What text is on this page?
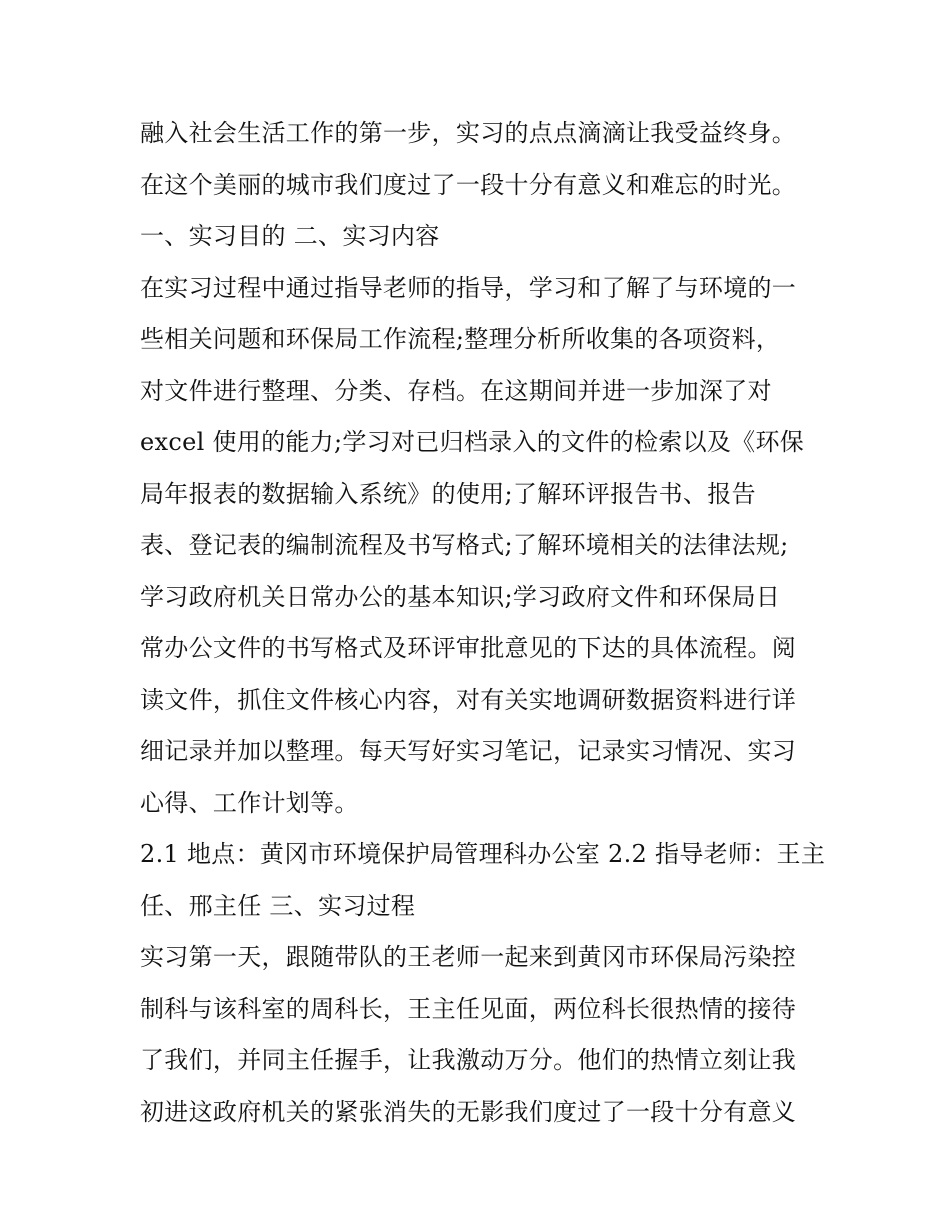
融入社会生活工作的第一步，实习的点点滴滴让我受益终身。
在这个美丽的城市我们度过了一段十分有意义和难忘的时光。
一、实习目的 二、实习内容
在实习过程中通过指导老师的指导，学习和了解了与环境的一
些相关问题和环保局工作流程;整理分析所收集的各项资料，
对文件进行整理、分类、存档。在这期间并进一步加深了对
excel 使用的能力;学习对已归档录入的文件的检索以及《环保
局年报表的数据输入系统》的使用;了解环评报告书、报告
表、登记表的编制流程及书写格式;了解环境相关的法律法规;
学习政府机关日常办公的基本知识;学习政府文件和环保局日
常办公文件的书写格式及环评审批意见的下达的具体流程。阅
读文件，抓住文件核心内容，对有关实地调研数据资料进行详
细记录并加以整理。每天写好实习笔记，记录实习情况、实习
心得、工作计划等。
2.1 地点：黄冈市环境保护局管理科办公室 2.2 指导老师：王主
任、邢主任 三、实习过程
实习第一天，跟随带队的王老师一起来到黄冈市环保局污染控
制科与该科室的周科长，王主任见面，两位科长很热情的接待
了我们，并同主任握手，让我激动万分。他们的热情立刻让我
初进这政府机关的紧张消失的无影我们度过了一段十分有意义
